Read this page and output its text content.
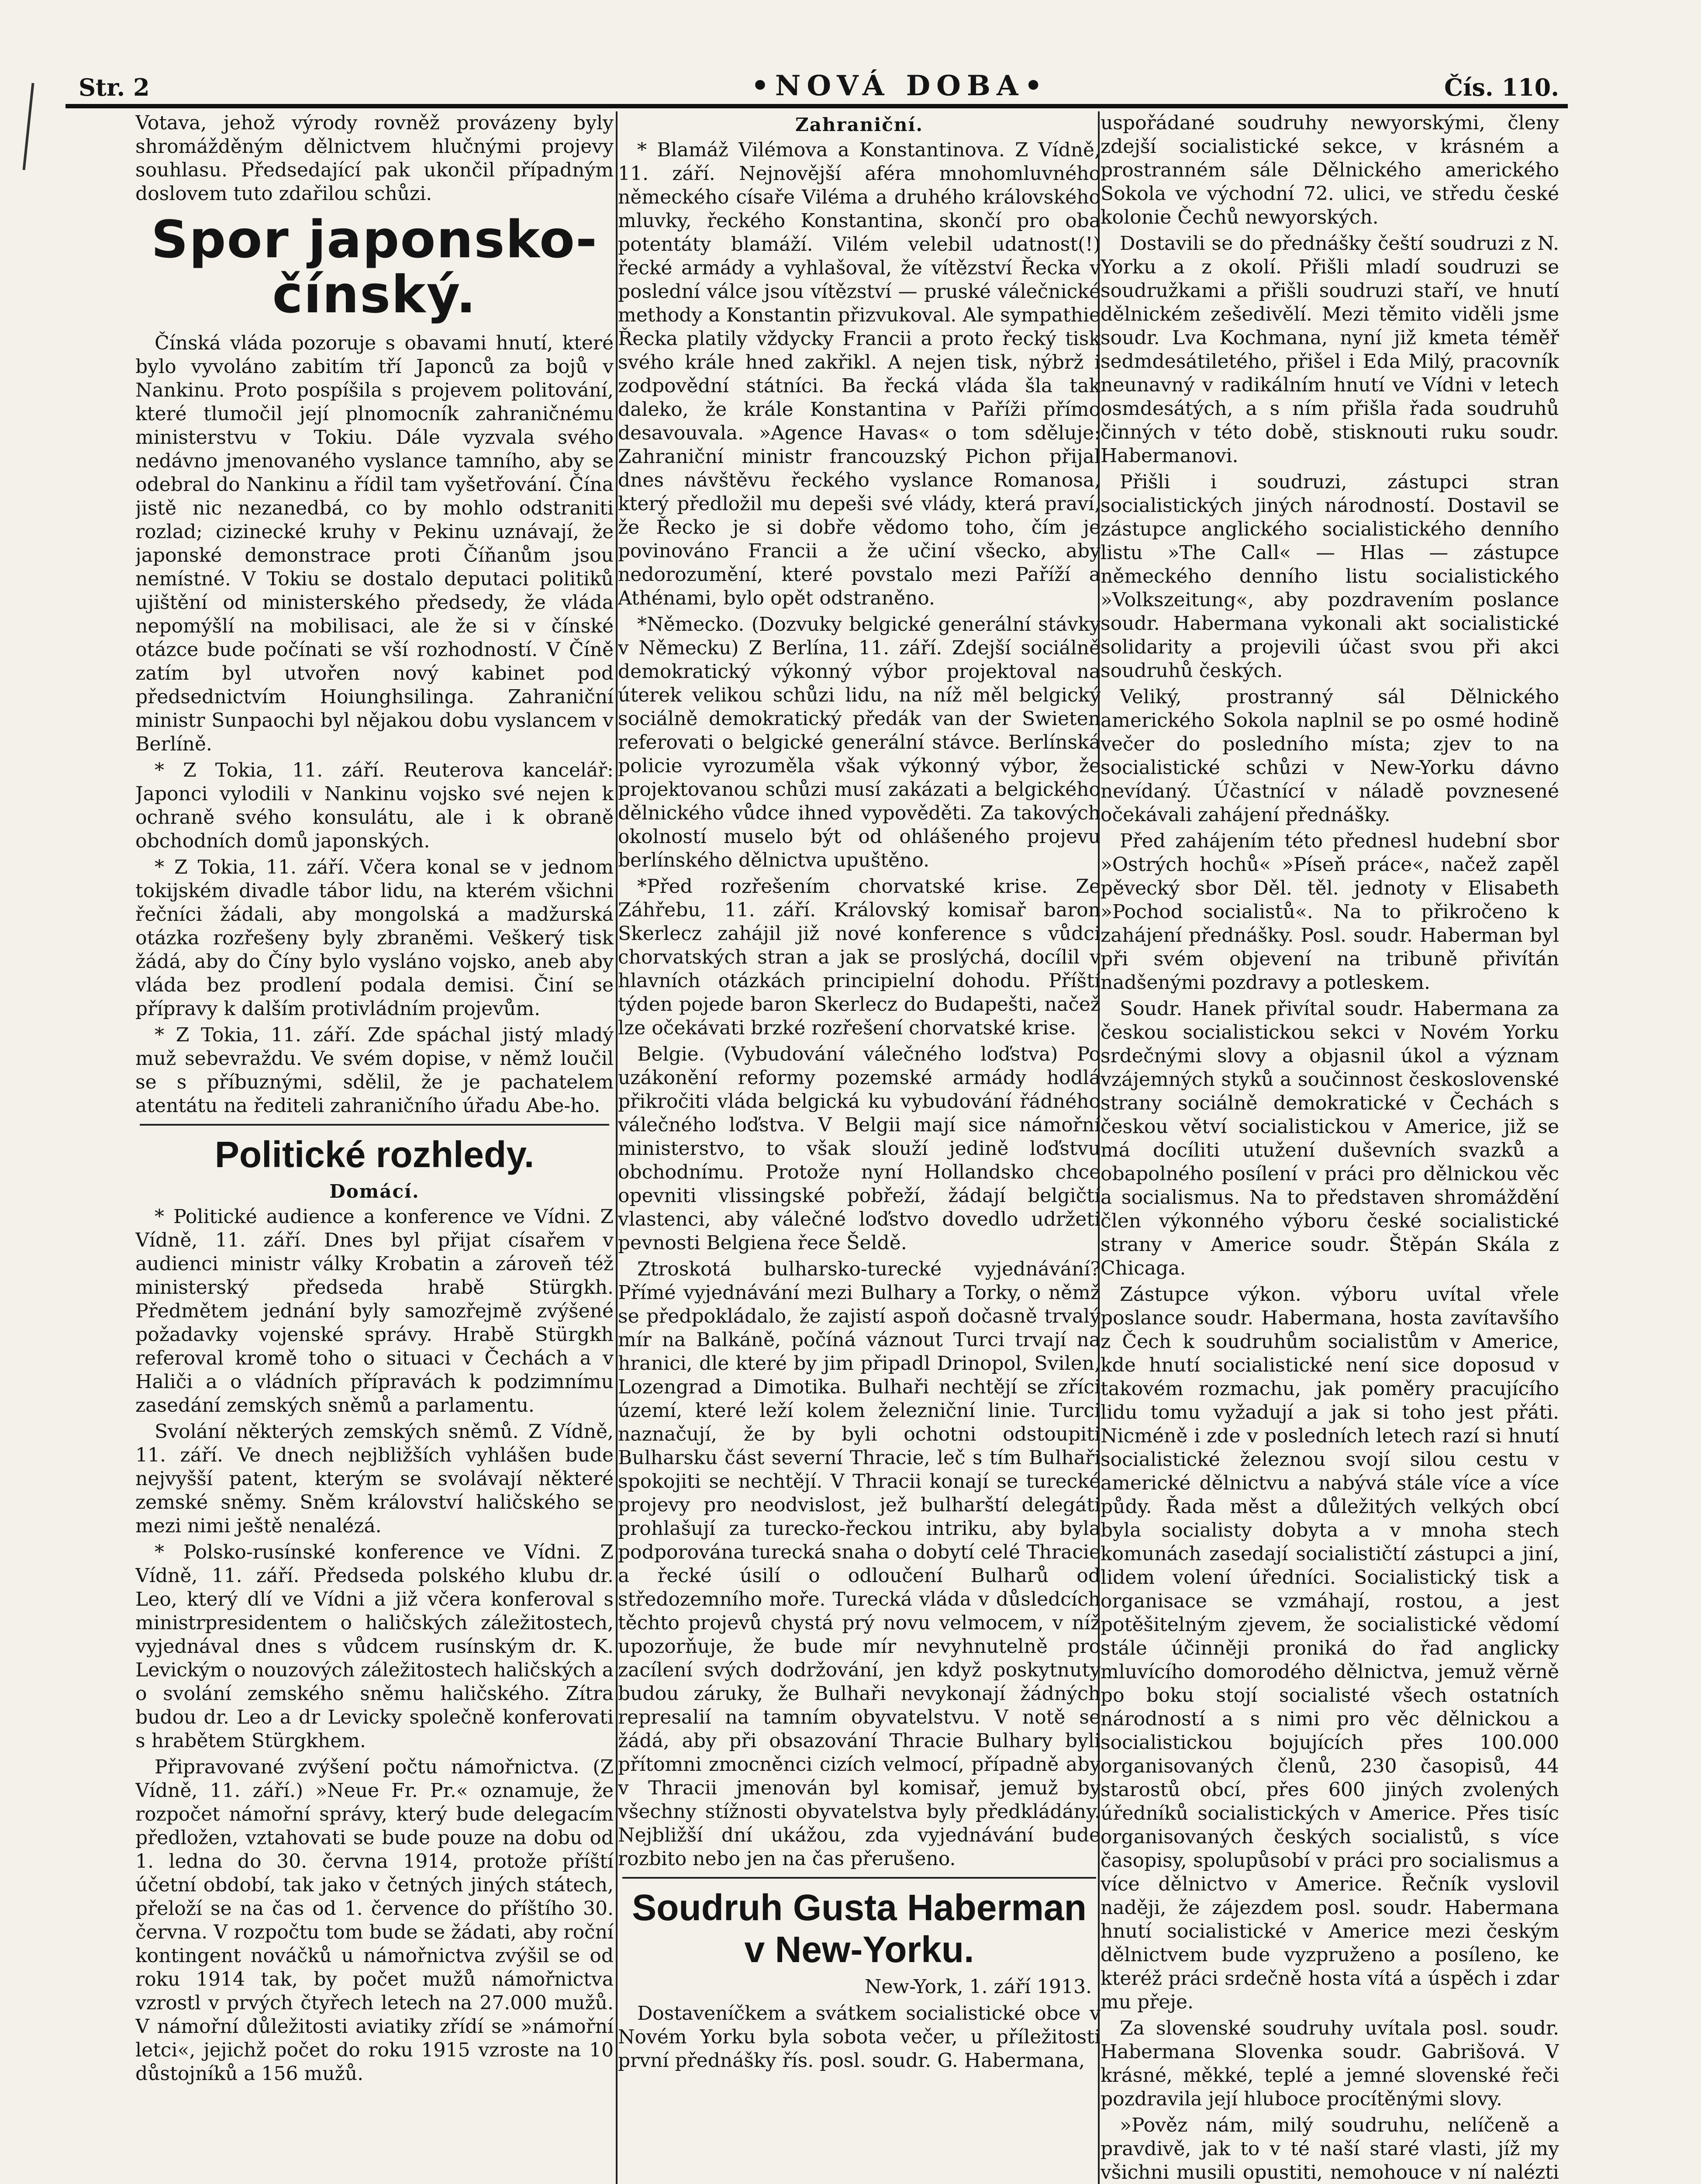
Str. 2	•NOVÁ DOBA•	Čís. 110.

Votava, jehož výrody rovněž provázeny byly shromážděným dělnictvem hlučnými projevy souhlasu. Předsedající pak ukončil případným doslovem tuto zdařilou schůzi.

Spor japonsko-čínský.

Čínská vláda pozoruje s obavami hnutí, které bylo vyvoláno zabitím tří Japonců za bojů v Nankinu. Proto pospíšila s projevem politování, které tlumočil její plnomocník zahraničnému ministerstvu v Tokiu. Dále vyzvala svého nedávno jmenovaného vyslance tamního, aby se odebral do Nankinu a řídil tam vyšetřování. Čína jistě nic nezanedbá, co by mohlo odstraniti rozlad; cizinecké kruhy v Pekinu uznávají, že japonské demonstrace proti Číňanům jsou nemístné. V Tokiu se dostalo deputaci politiků ujištění od ministerského předsedy, že vláda nepomýšlí na mobilisaci, ale že si v čínské otázce bude počínati se vší rozhodností. V Číně zatím byl utvořen nový kabinet pod předsednictvím Hoiunghsilinga. Zahraniční ministr Sunpaochi byl nějakou dobu vyslancem v Berlíně.

* Z Tokia, 11. září. Reuterova kancelář: Japonci vylodili v Nankinu vojsko své nejen k ochraně svého konsulátu, ale i k obraně obchodních domů japonských.

* Z Tokia, 11. září. Včera konal se v jednom tokijském divadle tábor lidu, na kterém všichni řečníci žádali, aby mongolská a madžurská otázka rozřešeny byly zbraněmi. Veškerý tisk žádá, aby do Číny bylo vysláno vojsko, aneb aby vláda bez prodlení podala demisi. Činí se přípravy k dalším protivládním projevům.

* Z Tokia, 11. září. Zde spáchal jistý mladý muž sebevraždu. Ve svém dopise, v němž loučil se s příbuznými, sdělil, že je pachatelem atentátu na řediteli zahraničního úřadu Abe-ho.

Politické rozhledy.
Domácí.

* Politické audience a konference ve Vídni. Z Vídně, 11. září. Dnes byl přijat císařem v audienci ministr války Krobatin a zároveň též ministerský předseda hrabě Stürgkh. Předmětem jednání byly samozřejmě zvýšené požadavky vojenské správy. Hrabě Stürgkh referoval kromě toho o situaci v Čechách a v Haliči a o vládních přípravách k podzimnímu zasedání zemských sněmů a parlamentu.

Svolání některých zemských sněmů. Z Vídně, 11. září. Ve dnech nejbližších vyhlášen bude nejvyšší patent, kterým se svolávají některé zemské sněmy. Sněm království haličského se mezi nimi ještě nenalézá.

* Polsko-rusínské konference ve Vídni. Z Vídně, 11. září. Předseda polského klubu dr. Leo, který dlí ve Vídni a již včera konferoval s ministrpresidentem o haličských záležitostech, vyjednával dnes s vůdcem rusínským dr. K. Levickým o nouzových záležitostech haličských a o svolání zemského sněmu haličského. Zítra budou dr. Leo a dr Levicky společně konferovati s hrabětem Stürgkhem.

Připravované zvýšení počtu námořnictva. (Z Vídně, 11. září.) »Neue Fr. Pr.« oznamuje, že rozpočet námořní správy, který bude delegacím předložen, vztahovati se bude pouze na dobu od 1. ledna do 30. června 1914, protože příští účetní období, tak jako v četných jiných státech, přeloží se na čas od 1. července do příštího 30. června. V rozpočtu tom bude se žádati, aby roční kontingent nováčků u námořnictva zvýšil se od roku 1914 tak, by počet mužů námořnictva vzrostl v prvých čtyřech letech na 27.000 mužů. V námořní důležitosti aviatiky zřídí se »námořní letci«, jejichž počet do roku 1915 vzroste na 10 důstojníků a 156 mužů.

Zahraniční.

* Blamáž Vilémova a Konstantinova. Z Vídně, 11. září. Nejnovější aféra mnohomluvného německého císaře Viléma a druhého královského mluvky, řeckého Konstantina, skončí pro oba potentáty blamáží. Vilém velebil udatnost(!) řecké armády a vyhlašoval, že vítězství Řecka v poslední válce jsou vítězství — pruské válečnické methody a Konstantin přizvukoval. Ale sympathie Řecka platily vždycky Francii a proto řecký tisk svého krále hned zakřikl. A nejen tisk, nýbrž i zodpovědní státníci. Ba řecká vláda šla tak daleko, že krále Konstantina v Paříži přímo desavouvala. »Agence Havas« o tom sděluje: Zahraniční ministr francouzský Pichon přijal dnes návštěvu řeckého vyslance Romanosa, který předložil mu depeši své vlády, která praví, že Řecko je si dobře vědomo toho, čím je povinováno Francii a že učiní všecko, aby nedorozumění, které povstalo mezi Paříží a Athénami, bylo opět odstraněno.

*Německo. (Dozvuky belgické generální stávky v Německu) Z Berlína, 11. září. Zdejší sociálně demokratický výkonný výbor projektoval na úterek velikou schůzi lidu, na níž měl belgický sociálně demokratický předák van der Swieten referovati o belgické generální stávce. Berlínská policie vyrozuměla však výkonný výbor, že projektovanou schůzi musí zakázati a belgického dělnického vůdce ihned vypověděti. Za takových okolností muselo být od ohlášeného projevu berlínského dělnictva upuštěno.

*Před rozřešením chorvatské krise. Ze Záhřebu, 11. září. Královský komisař baron Skerlecz zahájil již nové konference s vůdci chorvatských stran a jak se proslýchá, docílil v hlavních otázkách principielní dohodu. Příští týden pojede baron Skerlecz do Budapešti, načež lze očekávati brzké rozřešení chorvatské krise.

Belgie. (Vybudování válečného loďstva) Po uzákonění reformy pozemské armády hodlá přikročiti vláda belgická ku vybudování řádného válečného loďstva. V Belgii mají sice námořní ministerstvo, to však slouží jedině loďstvu obchodnímu. Protože nyní Hollandsko chce opevniti vlissingské pobřeží, žádají belgičtí vlastenci, aby válečné loďstvo dovedlo udržeti pevnosti Belgiena řece Šeldě.

Ztroskotá bulharsko-turecké vyjednávání? Přímé vyjednávání mezi Bulhary a Torky, o němž se předpokládalo, že zajistí aspoň dočasně trvalý mír na Balkáně, počíná váznout Turci trvají na hranici, dle které by jim připadl Drinopol, Svilen, Lozengrad a Dimotika. Bulhaři nechtějí se zříci území, které leží kolem železniční linie. Turci naznačují, že by byli ochotni odstoupiti Bulharsku část severní Thracie, leč s tím Bulhaři spokojiti se nechtějí. V Thracii konají se turecké projevy pro neodvislost, jež bulharští delegáti prohlašují za turecko-řeckou intriku, aby byla podporována turecká snaha o dobytí celé Thracie a řecké úsilí o odloučení Bulharů od středozemního moře. Turecká vláda v důsledcích těchto projevů chystá prý novu velmocem, v níž upozorňuje, že bude mír nevyhnutelně pro zacílení svých dodržování, jen když poskytnuty budou záruky, že Bulhaři nevykonají žádných represalií na tamním obyvatelstvu. V notě se žádá, aby při obsazování Thracie Bulhary byli přítomni zmocněnci cizích velmocí, případně aby v Thracii jmenován byl komisař, jemuž by všechny stížnosti obyvatelstva byly předkládány. Nejbližší dní ukážou, zda vyjednávání bude rozbito nebo jen na čas přerušeno.

Soudruh Gusta Haberman v New-Yorku.
New-York, 1. září 1913.

Dostaveníčkem a svátkem socialistické obce v Novém Yorku byla sobota večer, u příležitosti první přednášky řís. posl. soudr. G. Habermana,

uspořádané soudruhy newyorskými, členy zdejší socialistické sekce, v krásném a prostranném sále Dělnického amerického Sokola ve východní 72. ulici, ve středu české kolonie Čechů newyorských.

Dostavili se do přednášky čeští soudruzi z N. Yorku a z okolí. Přišli mladí soudruzi se soudružkami a přišli soudruzi staří, ve hnutí dělnickém zešedivělí. Mezi těmito viděli jsme soudr. Lva Kochmana, nyní již kmeta téměř sedmdesátiletého, přišel i Eda Milý, pracovník neunavný v radikálním hnutí ve Vídni v letech osmdesátých, a s ním přišla řada soudruhů činných v této době, stisknouti ruku soudr. Habermanovi.

Přišli i soudruzi, zástupci stran socialistických jiných národností. Dostavil se zástupce anglického socialistického denního listu »The Call« — Hlas — zástupce německého denního listu socialistického »Volkszeitung«, aby pozdravením poslance soudr. Habermana vykonali akt socialistické solidarity a projevili účast svou při akci soudruhů českých.

Veliký, prostranný sál Dělnického amerického Sokola naplnil se po osmé hodině večer do posledního místa; zjev to na socialistické schůzi v New-Yorku dávno nevídaný. Účastnící v náladě povznesené očekávali zahájení přednášky.

Před zahájením této přednesl hudební sbor »Ostrých hochů« »Píseň práce«, načež zapěl pěvecký sbor Děl. těl. jednoty v Elisabeth »Pochod socialistů«. Na to přikročeno k zahájení přednášky. Posl. soudr. Haberman byl při svém objevení na tribuně přivítán nadšenými pozdravy a potleskem.

Soudr. Hanek přivítal soudr. Habermana za českou socialistickou sekci v Novém Yorku srdečnými slovy a objasnil úkol a význam vzájemných styků a součinnost československé strany sociálně demokratické v Čechách s českou větví socialistickou v Americe, již se má docíliti utužení duševních svazků a obapolného posílení v práci pro dělnickou věc a socialismus. Na to představen shromáždění člen výkonného výboru české socialistické strany v Americe soudr. Štěpán Skála z Chicaga.

Zástupce výkon. výboru uvítal vřele poslance soudr. Habermana, hosta zavítavšího z Čech k soudruhům socialistům v Americe, kde hnutí socialistické není sice doposud v takovém rozmachu, jak poměry pracujícího lidu tomu vyžadují a jak si toho jest přáti. Nicméně i zde v posledních letech razí si hnutí socialistické železnou svojí silou cestu v americké dělnictvu a nabývá stále více a více půdy. Řada měst a důležitých velkých obcí byla socialisty dobyta a v mnoha stech komunách zasedají socialističtí zástupci a jiní, lidem volení úředníci. Socialistický tisk a organisace se vzmáhají, rostou, a jest potěšitelným zjevem, že socialistické vědomí stále účinněji proniká do řad anglicky mluvícího domorodého dělnictva, jemuž věrně po boku stojí socialisté všech ostatních národností a s nimi pro věc dělnickou a socialistickou bojujících přes 100.000 organisovaných členů, 230 časopisů, 44 starostů obcí, přes 600 jiných zvolených úředníků socialistických v Americe. Přes tisíc organisovaných českých socialistů, s více časopisy, spolupůsobí v práci pro socialismus a více dělnictvo v Americe. Řečník vyslovil naději, že zájezdem posl. soudr. Habermana hnutí socialistické v Americe mezi českým dělnictvem bude vyzpruženo a posíleno, ke kteréž práci srdečně hosta vítá a úspěch i zdar mu přeje.

Za slovenské soudruhy uvítala posl. soudr. Habermana Slovenka soudr. Gabrišová. V krásné, měkké, teplé a jemné slovenské řeči pozdravila její hluboce procítěnými slovy.

»Pověz nám, milý soudruhu, nelíčeně a pravdivě, jak to v té naší staré vlasti, jíž my všichni musili opustiti, nemohouce v ní nalézti
